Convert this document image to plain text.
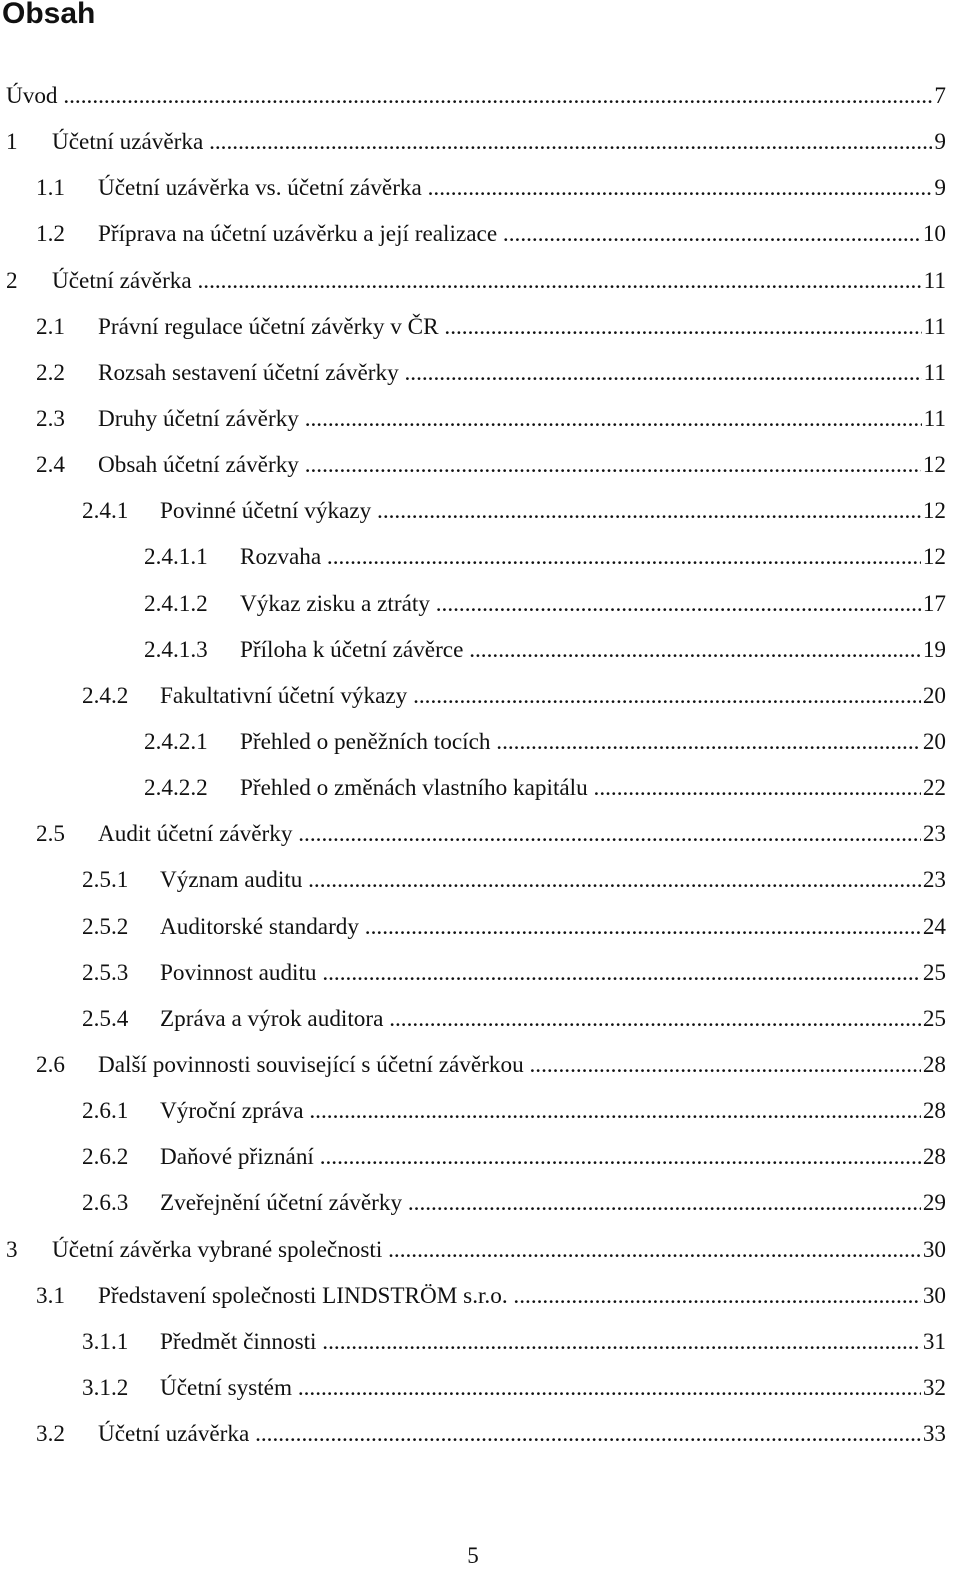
Obsah
Úvod .....	7
1 Účetní uzávěrka .....	9
1.1 Účetní uzávěrka vs. účetní závěrka .....	9
1.2 Příprava na účetní uzávěrku a její realizace .....	10
2 Účetní závěrka .....	11
2.1 Právní regulace účetní závěrky v ČR .....	11
2.2 Rozsah sestavení účetní závěrky .....	11
2.3 Druhy účetní závěrky .....	11
2.4 Obsah účetní závěrky .....	12
2.4.1 Povinné účetní výkazy .....	12
2.4.1.1 Rozvaha .....	12
2.4.1.2 Výkaz zisku a ztráty .....	17
2.4.1.3 Příloha k účetní závěrce .....	19
2.4.2 Fakultativní účetní výkazy .....	20
2.4.2.1 Přehled o peněžních tocích .....	20
2.4.2.2 Přehled o změnách vlastního kapitálu .....	22
2.5 Audit účetní závěrky .....	23
2.5.1 Význam auditu .....	23
2.5.2 Auditorské standardy .....	24
2.5.3 Povinnost auditu .....	25
2.5.4 Zpráva a výrok auditora .....	25
2.6 Další povinnosti související s účetní závěrkou .....	28
2.6.1 Výroční zpráva .....	28
2.6.2 Daňové přiznání .....	28
2.6.3 Zveřejnění účetní závěrky .....	29
3 Účetní závěrka vybrané společnosti .....	30
3.1 Představení společnosti LINDSTRÖM s.r.o. .....	30
3.1.1 Předmět činnosti .....	31
3.1.2 Účetní systém .....	32
3.2 Účetní uzávěrka .....	33
5
